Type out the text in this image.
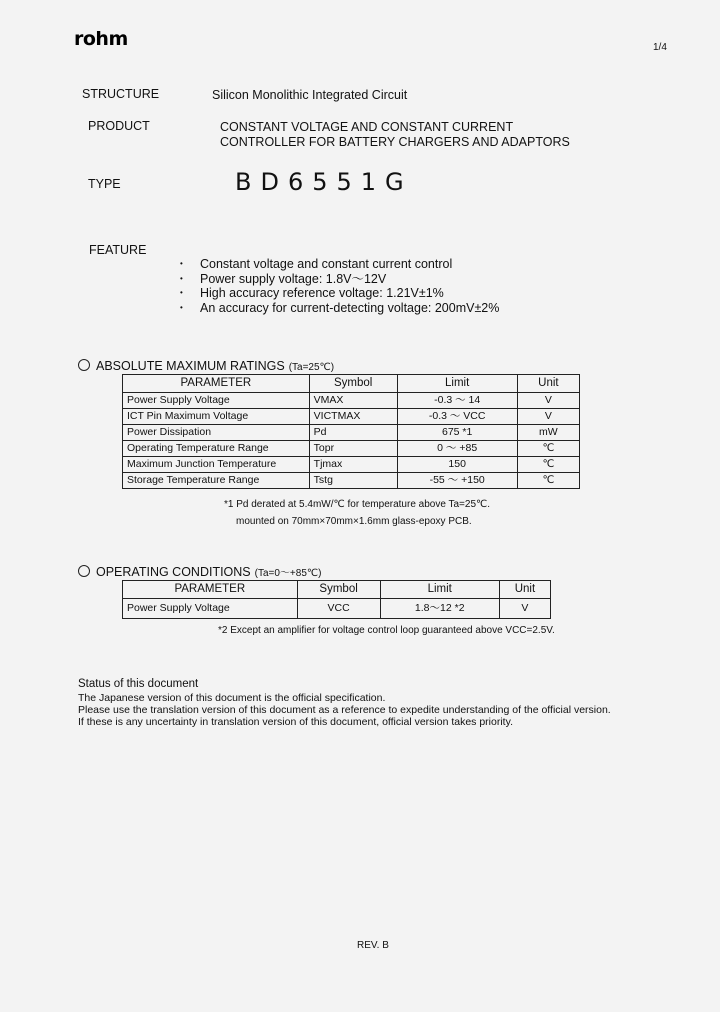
rohm	1/4
STRUCTURE	Silicon Monolithic Integrated Circuit
PRODUCT	CONSTANT VOLTAGE AND CONSTANT CURRENT
CONTROLLER FOR BATTERY CHARGERS AND ADAPTORS
TYPE	BD6551G
FEATURE
• Constant voltage and constant current control
• Power supply voltage: 1.8V～12V
• High accuracy reference voltage: 1.21V±1%
• An accuracy for current-detecting voltage: 200mV±2%
ABSOLUTE MAXIMUM RATINGS (Ta=25℃)
PARAMETER	Symbol	Limit	Unit
Power Supply Voltage	VMAX	-0.3 ～ 14	V
ICT Pin Maximum Voltage	VICTMAX	-0.3 ～ VCC	V
Power Dissipation	Pd	675 *1	mW
Operating Temperature Range	Topr	0 ～ +85	℃
Maximum Junction Temperature	Tjmax	150	℃
Storage Temperature Range	Tstg	-55 ～ +150	℃
*1 Pd derated at 5.4mW/℃ for temperature above Ta=25℃.
mounted on 70mm×70mm×1.6mm glass-epoxy PCB.
OPERATING CONDITIONS (Ta=0～+85℃)
PARAMETER	Symbol	Limit	Unit
Power Supply Voltage	VCC	1.8～12 *2	V
*2 Except an amplifier for voltage control loop guaranteed above VCC=2.5V.
Status of this document
The Japanese version of this document is the official specification.
Please use the translation version of this document as a reference to expedite understanding of the official version.
If these is any uncertainty in translation version of this document, official version takes priority.
REV. B
